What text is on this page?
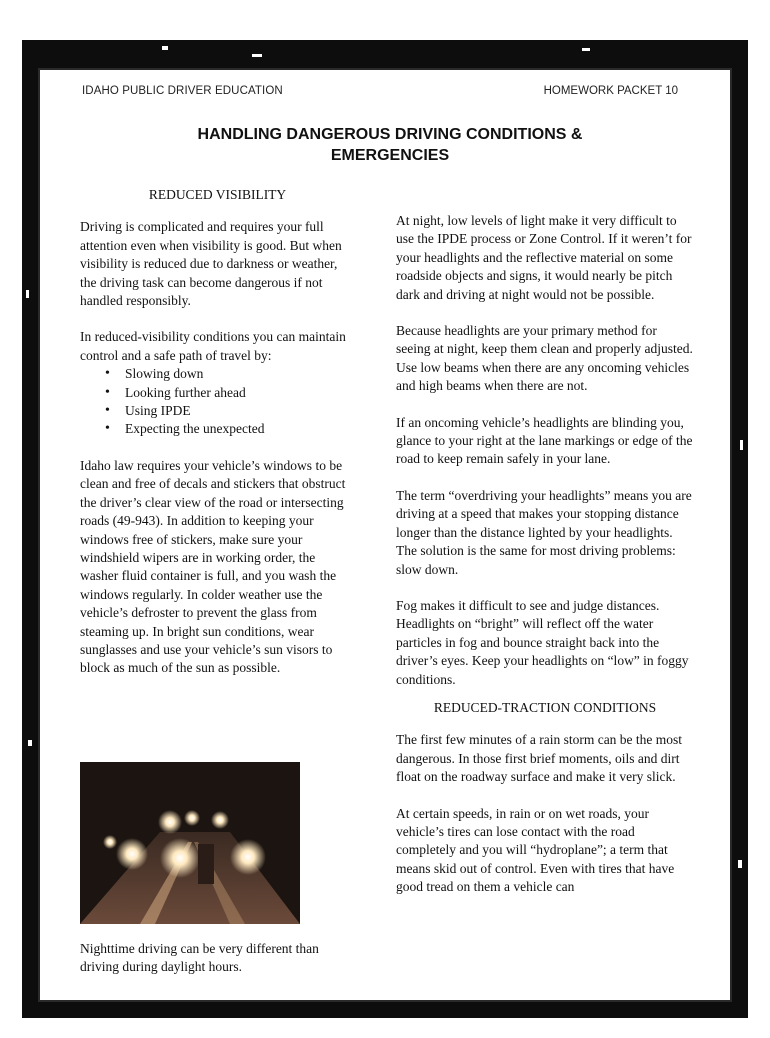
IDAHO PUBLIC DRIVER EDUCATION	HOMEWORK PACKET 10
HANDLING DANGEROUS DRIVING CONDITIONS &
EMERGENCIES
REDUCED VISIBILITY

Driving is complicated and requires your full attention even when visibility is good. But when visibility is reduced due to darkness or weather, the driving task can become dangerous if not handled responsibly.

In reduced-visibility conditions you can maintain control and a safe path of travel by:

• Slowing down
• Looking further ahead
• Using IPDE
• Expecting the unexpected

Idaho law requires your vehicle’s windows to be clean and free of decals and stickers that obstruct the driver’s clear view of the road or intersecting roads (49-943). In addition to keeping your windows free of stickers, make sure your windshield wipers are in working order, the washer fluid container is full, and you wash the windows regularly. In colder weather use the vehicle’s defroster to prevent the glass from steaming up. In bright sun conditions, wear sunglasses and use your vehicle’s sun visors to block as much of the sun as possible.

Nighttime driving can be very different than driving during daylight hours.

At night, low levels of light make it very difficult to use the IPDE process or Zone Control. If it weren’t for your headlights and the reflective material on some roadside objects and signs, it would nearly be pitch dark and driving at night would not be possible.

Because headlights are your primary method for seeing at night, keep them clean and properly adjusted. Use low beams when there are any oncoming vehicles and high beams when there are not.

If an oncoming vehicle’s headlights are blinding you, glance to your right at the lane markings or edge of the road to keep remain safely in your lane.

The term “overdriving your headlights” means you are driving at a speed that makes your stopping distance longer than the distance lighted by your headlights. The solution is the same for most driving problems: slow down.

Fog makes it difficult to see and judge distances. Headlights on “bright” will reflect off the water particles in fog and bounce straight back into the driver’s eyes. Keep your headlights on “low” in foggy conditions.

REDUCED-TRACTION CONDITIONS

The first few minutes of a rain storm can be the most dangerous. In those first brief moments, oils and dirt float on the roadway surface and make it very slick.

At certain speeds, in rain or on wet roads, your vehicle’s tires can lose contact with the road completely and you will “hydroplane”; a term that means skid out of control. Even with tires that have good tread on them a vehicle can
